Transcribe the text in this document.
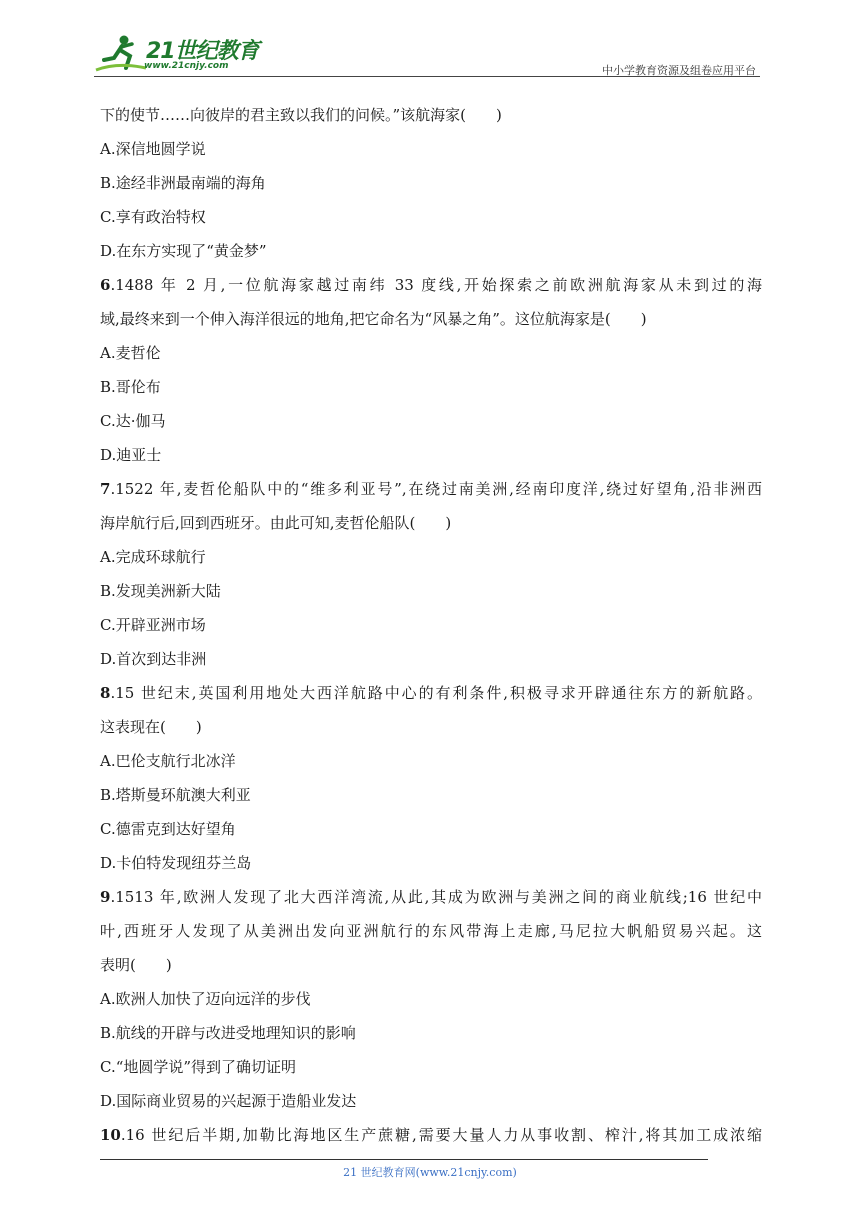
21世纪教育
www.21cnjy.com	中小学教育资源及组卷应用平台
下的使节……向彼岸的君主致以我们的问候。”该航海家(　　)
A.深信地圆学说
B.途经非洲最南端的海角
C.享有政治特权
D.在东方实现了“黄金梦”
6.1488 年 2 月,一位航海家越过南纬 33 度线,开始探索之前欧洲航海家从未到过的海
域,最终来到一个伸入海洋很远的地角,把它命名为“风暴之角”。这位航海家是(　　)
A.麦哲伦
B.哥伦布
C.达·伽马
D.迪亚士
7.1522 年,麦哲伦船队中的“维多利亚号”,在绕过南美洲,经南印度洋,绕过好望角,沿非洲西
海岸航行后,回到西班牙。由此可知,麦哲伦船队(　　)
A.完成环球航行
B.发现美洲新大陆
C.开辟亚洲市场
D.首次到达非洲
8.15 世纪末,英国利用地处大西洋航路中心的有利条件,积极寻求开辟通往东方的新航路。
这表现在(　　)
A.巴伦支航行北冰洋
B.塔斯曼环航澳大利亚
C.德雷克到达好望角
D.卡伯特发现纽芬兰岛
9.1513 年,欧洲人发现了北大西洋湾流,从此,其成为欧洲与美洲之间的商业航线;16 世纪中
叶,西班牙人发现了从美洲出发向亚洲航行的东风带海上走廊,马尼拉大帆船贸易兴起。这
表明(　　)
A.欧洲人加快了迈向远洋的步伐
B.航线的开辟与改进受地理知识的影响
C.“地圆学说”得到了确切证明
D.国际商业贸易的兴起源于造船业发达
10.16 世纪后半期,加勒比海地区生产蔗糖,需要大量人力从事收割、榨汁,将其加工成浓缩
21 世纪教育网(www.21cnjy.com)
